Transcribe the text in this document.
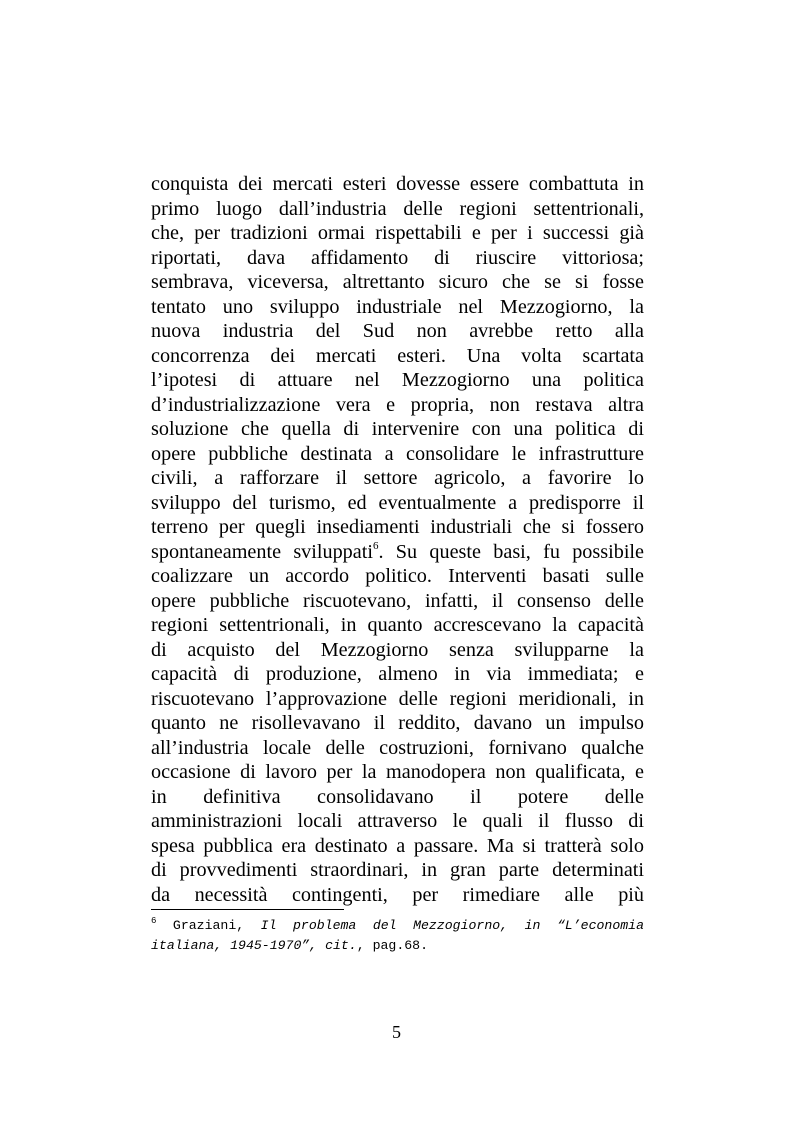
conquista dei mercati esteri dovesse essere combattuta in
primo luogo dall’industria delle regioni settentrionali,
che, per tradizioni ormai rispettabili e per i successi già
riportati, dava affidamento di riuscire vittoriosa;
sembrava, viceversa, altrettanto sicuro che se si fosse
tentato uno sviluppo industriale nel Mezzogiorno, la
nuova industria del Sud non avrebbe retto alla
concorrenza dei mercati esteri. Una volta scartata
l’ipotesi di attuare nel Mezzogiorno una politica
d’industrializzazione vera e propria, non restava altra
soluzione che quella di intervenire con una politica di
opere pubbliche destinata a consolidare le infrastrutture
civili, a rafforzare il settore agricolo, a favorire lo
sviluppo del turismo, ed eventualmente a predisporre il
terreno per quegli insediamenti industriali che si fossero
spontaneamente sviluppati$^6$. Su queste basi, fu possibile
coalizzare un accordo politico. Interventi basati sulle
opere pubbliche riscuotevano, infatti, il consenso delle
regioni settentrionali, in quanto accrescevano la capacità
di acquisto del Mezzogiorno senza svilupparne la
capacità di produzione, almeno in via immediata; e
riscuotevano l’approvazione delle regioni meridionali, in
quanto ne risollevavano il reddito, davano un impulso
all’industria locale delle costruzioni, fornivano qualche
occasione di lavoro per la manodopera non qualificata, e
in definitiva consolidavano il potere delle
amministrazioni locali attraverso le quali il flusso di
spesa pubblica era destinato a passare. Ma si tratterà solo
di provvedimenti straordinari, in gran parte determinati
da necessità contingenti, per rimediare alle più
$^6$ Graziani, Il problema del Mezzogiorno, in “L’economia
italiana, 1945-1970”, cit., pag.68.
5
